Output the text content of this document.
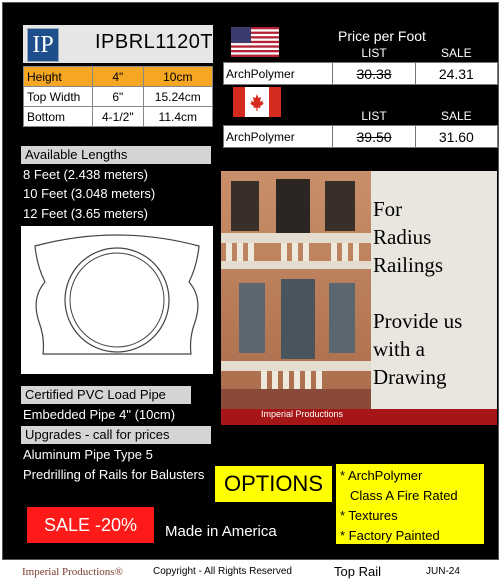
IP IPBRL1120T
Height	4"	10cm
Top Width	6"	15.24cm
Bottom	4-1/2"	11.4cm
Price per Foot
	LIST	SALE
ArchPolymer	30.38	24.31
	LIST	SALE
ArchPolymer	39.50	31.60
Available Lengths
8 Feet (2.438 meters)
10 Feet (3.048 meters)
12 Feet (3.65 meters)
Certified PVC Load Pipe
Embedded Pipe 4" (10cm)
Upgrades - call for prices
Aluminum Pipe Type 5
Predrilling of Rails for Balusters
Imperial Productions
For
Radius
Railings
Provide us
with a
Drawing
OPTIONS	* ArchPolymer
Class A Fire Rated
* Textures
* Factory Painted
SALE -20%	Made in America
Imperial Productions®	Copyright - All Rights Reserved	Top Rail	JUN-24
